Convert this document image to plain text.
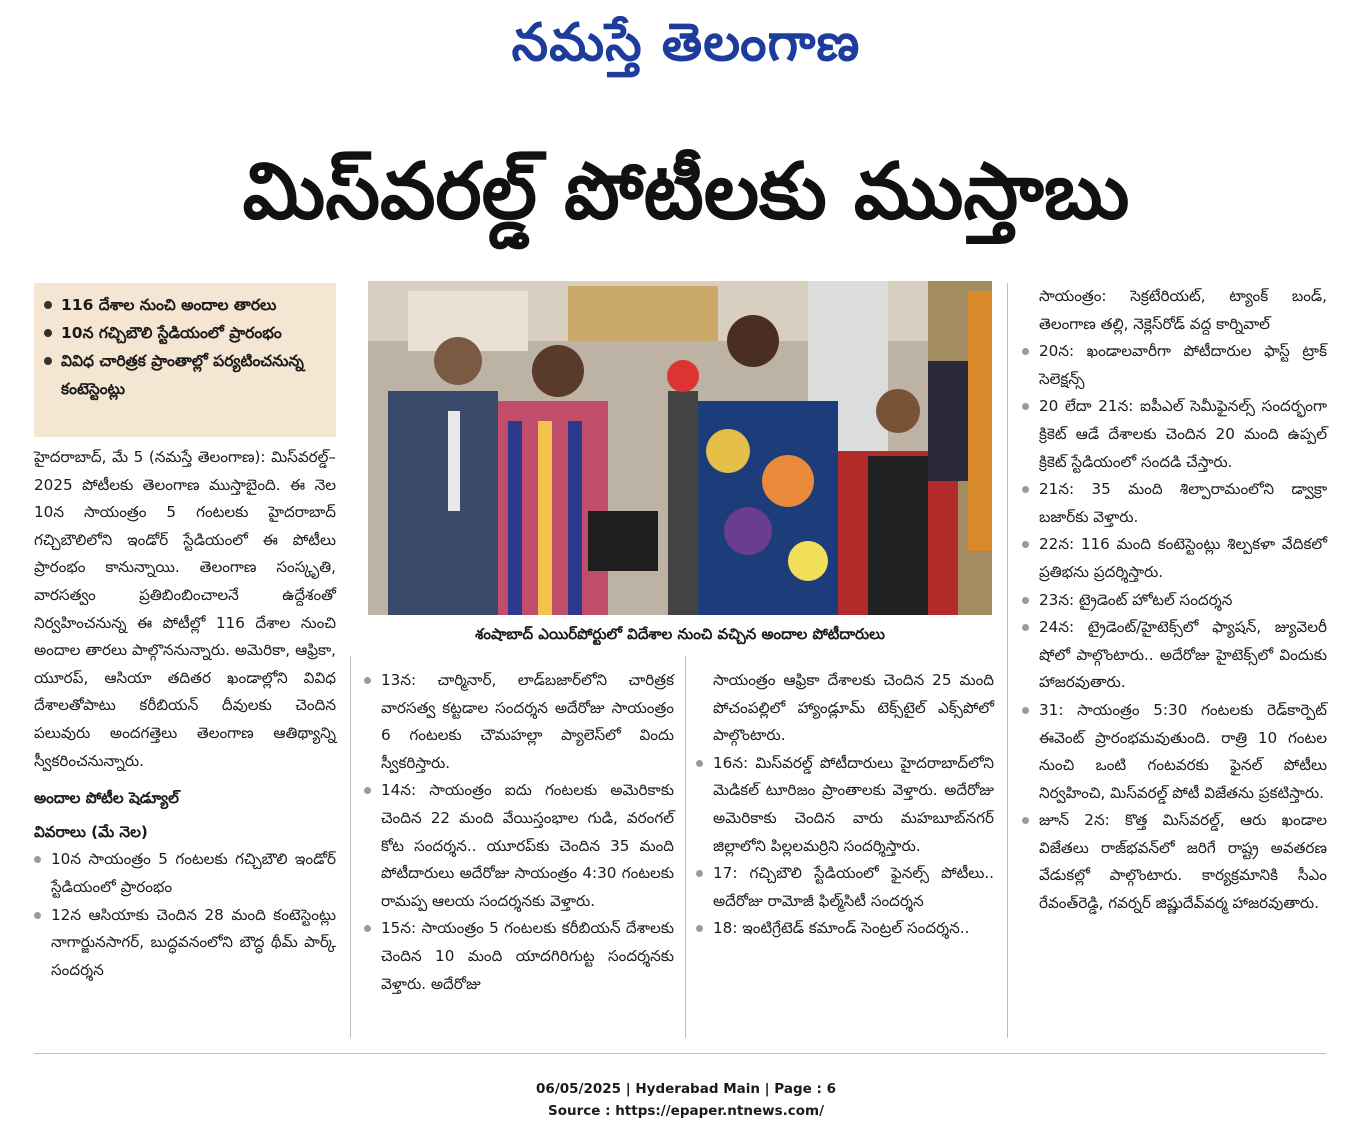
నమస్తే తెలంగాణ
మిస్‌వరల్డ్ పోటీలకు ముస్తాబు
116 దేశాల నుంచి అందాల తారలు
10న గచ్చిబౌలి స్టేడియంలో ప్రారంభం
వివిధ చారిత్రక ప్రాంతాల్లో పర్యటించనున్న కంటెస్టెంట్లు
శంషాబాద్ ఎయిర్‌పోర్టులో విదేశాల నుంచి వచ్చిన అందాల పోటీదారులు

హైదరాబాద్, మే 5 (నమస్తే తెలంగాణ): మిస్‌వరల్డ్–2025 పోటీలకు తెలంగాణ ముస్తాబైంది. ఈ నెల 10న సాయంత్రం 5 గంటలకు హైదరాబాద్ గచ్చిబౌలిలోని ఇండోర్ స్టేడియంలో ఈ పోటీలు ప్రారంభం కానున్నాయి. తెలంగాణ సంస్కృతి, వారసత్వం ప్రతిబింబించాలనే ఉద్దేశంతో నిర్వహించనున్న ఈ పోటీల్లో 116 దేశాల నుంచి అందాల తారలు పాల్గొననున్నారు. అమెరికా, ఆఫ్రికా, యూరప్, ఆసియా తదితర ఖండాల్లోని వివిధ దేశాలతోపాటు కరీబియన్ దీవులకు చెందిన పలువురు అందగత్తెలు తెలంగాణ ఆతిథ్యాన్ని స్వీకరించనున్నారు.

అందాల పోటీల షెడ్యూల్

వివరాలు (మే నెల)

10న సాయంత్రం 5 గంటలకు గచ్చిబౌలి ఇండోర్ స్టేడియంలో ప్రారంభం
12న ఆసియాకు చెందిన 28 మంది కంటెస్టెంట్లు నాగార్జునసాగర్, బుద్ధవనంలోని బౌద్ధ థీమ్ పార్క్ సందర్శన
13న: చార్మినార్, లాడ్‌బజార్‌లోని చారిత్రక వారసత్వ కట్టడాల సందర్శన అదేరోజు సాయంత్రం 6 గంటలకు చౌమహల్లా ప్యాలెస్‌లో విందు స్వీకరిస్తారు.
14న: సాయంత్రం ఐదు గంటలకు అమెరికాకు చెందిన 22 మంది వేయిస్తంభాల గుడి, వరంగల్ కోట సందర్శన.. యూరప్‌కు చెందిన 35 మంది పోటీదారులు అదేరోజు సాయంత్రం 4:30 గంటలకు రామప్ప ఆలయ సందర్శనకు వెళ్తారు.
15న: సాయంత్రం 5 గంటలకు కరీబియన్ దేశాలకు చెందిన 10 మంది యాదగిరిగుట్ట సందర్శనకు వెళ్తారు. అదేరోజు

సాయంత్రం ఆఫ్రికా దేశాలకు చెందిన 25 మంది పోచంపల్లిలో హ్యాండ్లూమ్ టెక్స్‌టైల్ ఎక్స్‌పోలో పాల్గొంటారు.

16న: మిస్‌వరల్డ్ పోటీదారులు హైదరాబాద్‌లోని మెడికల్ టూరిజం ప్రాంతాలకు వెళ్తారు. అదేరోజు అమెరికాకు చెందిన వారు మహబూబ్‌నగర్ జిల్లాలోని పిల్లలమర్రిని సందర్శిస్తారు.
17: గచ్చిబౌలి స్టేడియంలో ఫైనల్స్ పోటీలు.. అదేరోజు రామోజీ ఫిల్మ్‌సిటీ సందర్శన
18: ఇంటిగ్రేటెడ్ కమాండ్ సెంట్రల్ సందర్శన..

సాయంత్రం: సెక్రటేరియట్, ట్యాంక్ బండ్, తెలంగాణ తల్లి, నెక్లెస్‌రోడ్ వద్ద కార్నివాల్

20న: ఖండాలవారీగా పోటీదారుల ఫాస్ట్ ట్రాక్ సెలెక్షన్స్
20 లేదా 21న: ఐపీఎల్ సెమీఫైనల్స్ సందర్భంగా క్రికెట్ ఆడే దేశాలకు చెందిన 20 మంది ఉప్పల్ క్రికెట్ స్టేడియంలో సందడి చేస్తారు.
21న: 35 మంది శిల్పారామంలోని డ్వాక్రా బజార్‌కు వెళ్తారు.
22న: 116 మంది కంటెస్టెంట్లు శిల్పకళా వేదికలో ప్రతిభను ప్రదర్శిస్తారు.
23న: ట్రైడెంట్ హోటల్ సందర్శన
24న: ట్రైడెంట్/హైటెక్స్‌లో ఫ్యాషన్, జ్యువెలరీ షోలో పాల్గొంటారు.. అదేరోజు హైటెక్స్‌లో విందుకు హాజరవుతారు.
31: సాయంత్రం 5:30 గంటలకు రెడ్‌కార్పెట్ ఈవెంట్ ప్రారంభమవుతుంది. రాత్రి 10 గంటల నుంచి ఒంటి గంటవరకు ఫైనల్ పోటీలు నిర్వహించి, మిస్‌వరల్డ్ పోటీ విజేతను ప్రకటిస్తారు.
జూన్ 2న: కొత్త మిస్‌వరల్డ్, ఆరు ఖండాల విజేతలు రాజ్‌భవన్‌లో జరిగే రాష్ట్ర అవతరణ వేడుకల్లో పాల్గొంటారు. కార్యక్రమానికి సీఎం రేవంత్‌రెడ్డి, గవర్నర్ జిష్ణుదేవ్‌వర్మ హాజరవుతారు.
06/05/2025 | Hyderabad Main | Page : 6
Source : https://epaper.ntnews.com/
